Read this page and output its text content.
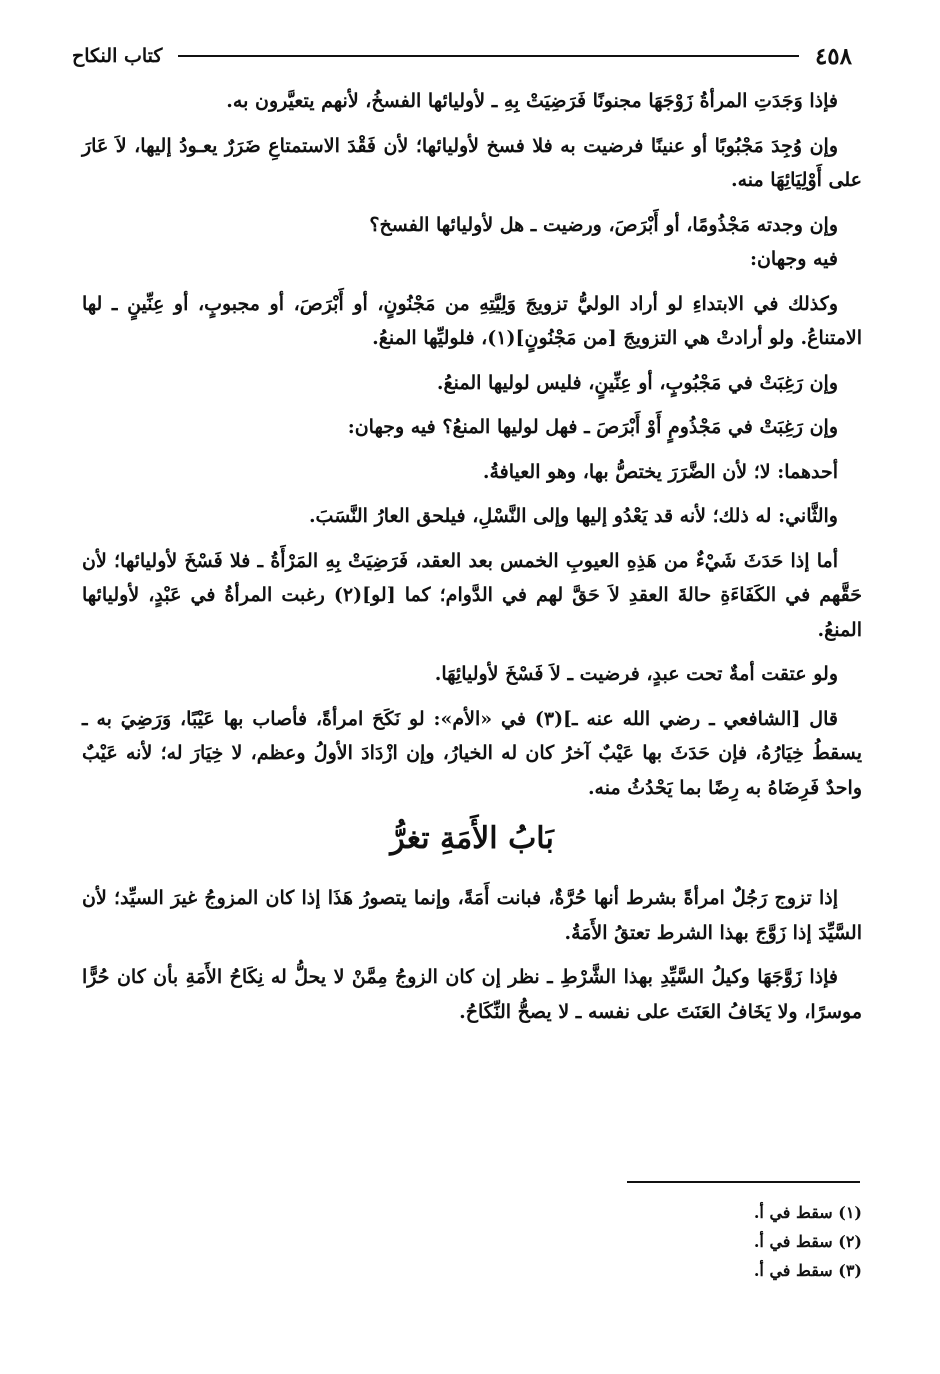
٤٥٨
كتاب النكاح

فإذا وَجَدَتِ المرأةُ زَوْجَهَا مجنونًا فَرَضِيَتْ بِهِ ـ لأوليائها الفسخُ، لأنهم يتعيَّرون به.

وإن وُجِدَ مَجْبُوبًا أو عنينًا فرضيت به فلا فسخ لأوليائها؛ لأن فَقْدَ الاستمتاعِ ضَرَرٌ يعـودُ إليها، لاَ عَارَ على أَوْلِيَائِهَا منه.

وإن وجدته مَجْذُومًا، أو أَبْرَصَ، ورضيت ـ هل لأوليائها الفسخ؟

فيه وجهان:

وكذلك في الابتداءِ لو أراد الوليُّ تزويجَ وَلِيَّتِهِ من مَجْنُونٍ، أو أَبْرَصَ، أو مجبوبٍ، أو عِنِّينٍ ـ لها الامتناعُ. ولو أرادتْ هي التزويجَ [من مَجْنُونٍ](١)، فلوليِّها المنعُ.

وإن رَغِبَتْ في مَجْبُوبٍ، أو عِنِّينٍ، فليس لوليها المنعُ.

وإن رَغِبَتْ في مَجْذُومٍ أَوْ أَبْرَصَ ـ فهل لوليها المنعُ؟ فيه وجهان:

أحدهما: لا؛ لأن الضَّرَرَ يختصُّ بها، وهو العيافةُ.

والثَّاني: له ذلك؛ لأنه قد يَعْدُو إليها وإلى النَّسْلِ، فيلحق العارُ النَّسَبَ.

أما إذا حَدَثَ شَيْءٌ من هَذِهِ العيوبِ الخمس بعد العقد، فَرَضِيَتْ بِهِ المَرْأَةُ ـ فلا فَسْخَ لأوليائها؛ لأن حَقَّهم في الكَفَاءَةِ حالةَ العقدِ لاَ حَقَّ لهم في الدَّوام؛ كما [لو](٢) رغبت المرأةُ في عَبْدٍ، لأوليائها المنعُ.

ولو عتقت أمةٌ تحت عبدٍ، فرضيت ـ لاَ فَسْخَ لأوليائِهَا.

قال [الشافعي ـ رضي الله عنه ـ](٣) في «الأم»: لو نَكَحَ امرأةً، فأصاب بها عَيْبًا، وَرَضِيَ به ـ يسقطُ خِيَارُهُ، فإن حَدَثَ بها عَيْبٌ آخرُ كان له الخيارُ، وإن ازْدَادَ الأولُ وعظم، لا خِيَارَ له؛ لأنه عَيْبٌ واحدٌ فَرِضَاهُ به رِضًا بما يَحْدُثُ منه.

بَابُ الأَمَةِ تغرُّ

إذا تزوج رَجُلٌ امرأةً بشرط أنها حُرَّةٌ، فبانت أَمَةً، وإنما يتصورُ هَذَا إذا كان المزوجُ غيرَ السيِّد؛ لأن السَّيِّدَ إذا زَوَّجَ بهذا الشرط تعتقُ الأَمَةُ.

فإذا زَوَّجَهَا وكيلُ السَّيِّدِ بهذا الشَّرْطِ ـ نظر إن كان الزوجُ مِمَّنْ لا يحلُّ له نِكَاحُ الأَمَةِ بأن كان حُرًّا موسرًا، ولا يَخَافُ العَنَتَ على نفسه ـ لا يصحُّ النِّكَاحُ.

(١) سقط في أ.
(٢) سقط في أ.
(٣) سقط في أ.
